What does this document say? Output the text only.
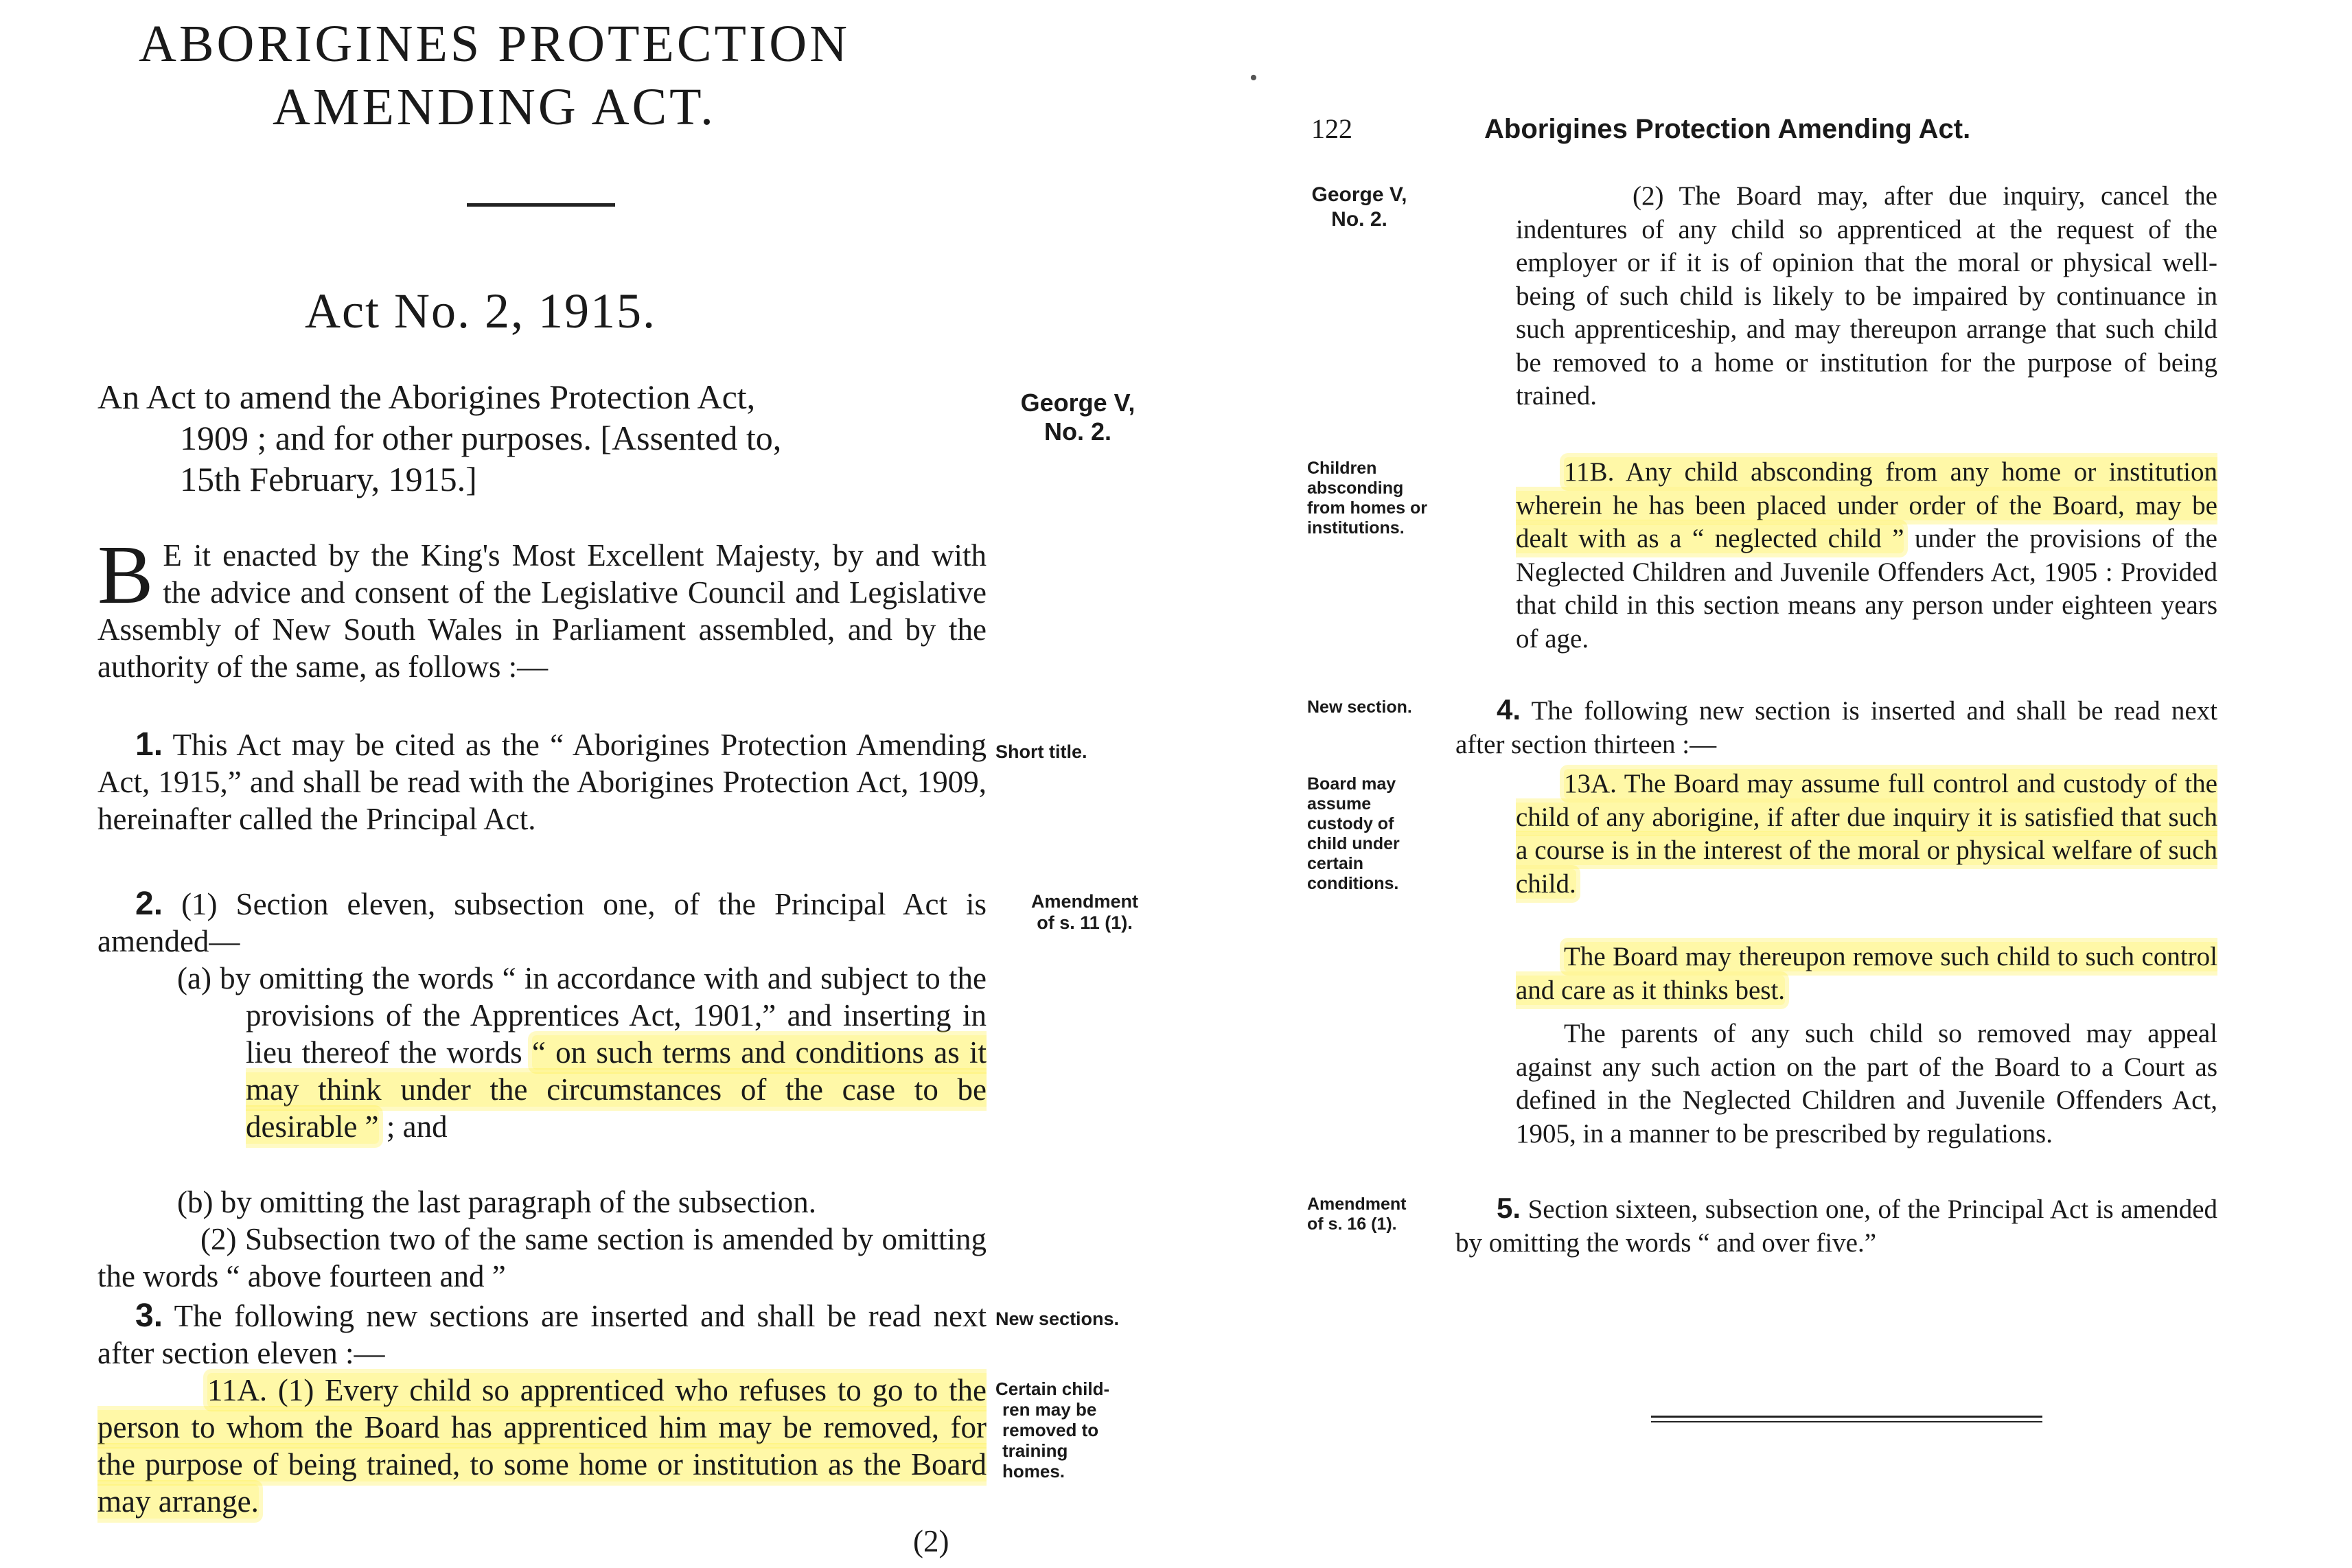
ABORIGINES PROTECTION
AMENDING ACT.
Act No. 2, 1915.
An Act to amend the Aborigines Protection Act,
1909 ; and for other purposes. [Assented to,
15th February, 1915.]
George V,
No. 2.
B E it enacted by the King's Most Excellent Majesty, by and with the advice and consent of the Legislative Council and Legislative Assembly of New South Wales in Parliament assembled, and by the authority of the same, as follows :—
1. This Act may be cited as the “ Aborigines Protection Amending Act, 1915,” and shall be read with the Aborigines Protection Act, 1909, hereinafter called the Principal Act.
Short title.
2. (1) Section eleven, subsection one, of the Principal Act is amended—
Amendment
of s. 11 (1).
(a) by omitting the words “ in accordance with and subject to the provisions of the Apprentices Act, 1901,” and inserting in lieu thereof the words “ on such terms and conditions as it may think under the circumstances of the case to be desirable ” ; and
(b) by omitting the last paragraph of the subsection.
(2) Subsection two of the same section is amended by omitting the words “ above fourteen and ”
3. The following new sections are inserted and shall be read next after section eleven :—
New sections.
11A. (1) Every child so apprenticed who refuses to go to the person to whom the Board has apprenticed him may be removed, for the purpose of being trained, to some home or institution as the Board may arrange.
Certain child-
ren may be
removed to
training
homes.
(2)
•
122	Aborigines Protection Amending Act.
George V,
No. 2.
(2) The Board may, after due inquiry, cancel the indentures of any child so apprenticed at the request of the employer or if it is of opinion that the moral or physical well-being of such child is likely to be impaired by continuance in such apprenticeship, and may thereupon arrange that such child be removed to a home or institution for the purpose of being trained.
Children
absconding
from homes or
institutions.
11B. Any child absconding from any home or institution wherein he has been placed under order of the Board, may be dealt with as a “ neglected child ” under the provisions of the Neglected Children and Juvenile Offenders Act, 1905 : Provided that child in this section means any person under eighteen years of age.
New section.	4. The following new section is inserted and shall be read next after section thirteen :—
Board may
assume
custody of
child under
certain
conditions.
13A. The Board may assume full control and custody of the child of any aborigine, if after due inquiry it is satisfied that such a course is in the interest of the moral or physical welfare of such child.
The Board may thereupon remove such child to such control and care as it thinks best.
The parents of any such child so removed may appeal against any such action on the part of the Board to a Court as defined in the Neglected Children and Juvenile Offenders Act, 1905, in a manner to be prescribed by regulations.
Amendment
of s. 16 (1).	5. Section sixteen, subsection one, of the Principal Act is amended by omitting the words “ and over five.”
